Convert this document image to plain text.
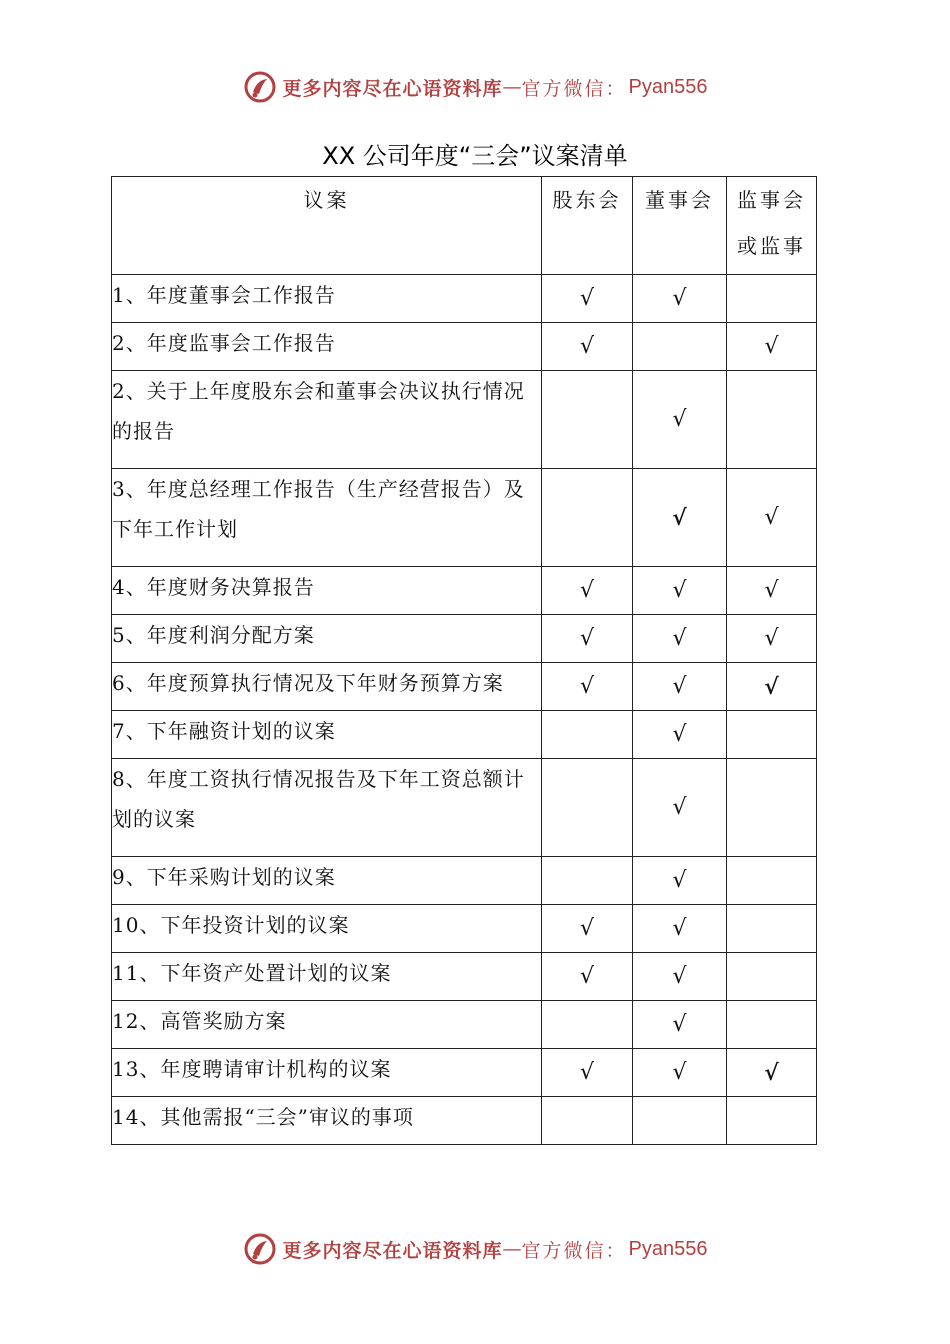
更多内容尽在心语资料库 — 官方微信： Pyan556
XX 公司年度“三会”议案清单
议案	股东会	董事会	监事会
或监事

1、年度董事会工作报告	√	√	
2、年度监事会工作报告	√		√
2、关于上年度股东会和董事会决议执行情况的报告		√	
3、年度总经理工作报告（生产经营报告）及下年工作计划		√	√
4、年度财务决算报告	√	√	√
5、年度利润分配方案	√	√	√
6、年度预算执行情况及下年财务预算方案	√	√	√
7、下年融资计划的议案		√	
8、年度工资执行情况报告及下年工资总额计划的议案		√	
9、下年采购计划的议案		√	
10、下年投资计划的议案	√	√	
11、下年资产处置计划的议案	√	√	
12、高管奖励方案		√	
13、年度聘请审计机构的议案	√	√	√
14、其他需报“三会”审议的事项			
更多内容尽在心语资料库 — 官方微信： Pyan556
